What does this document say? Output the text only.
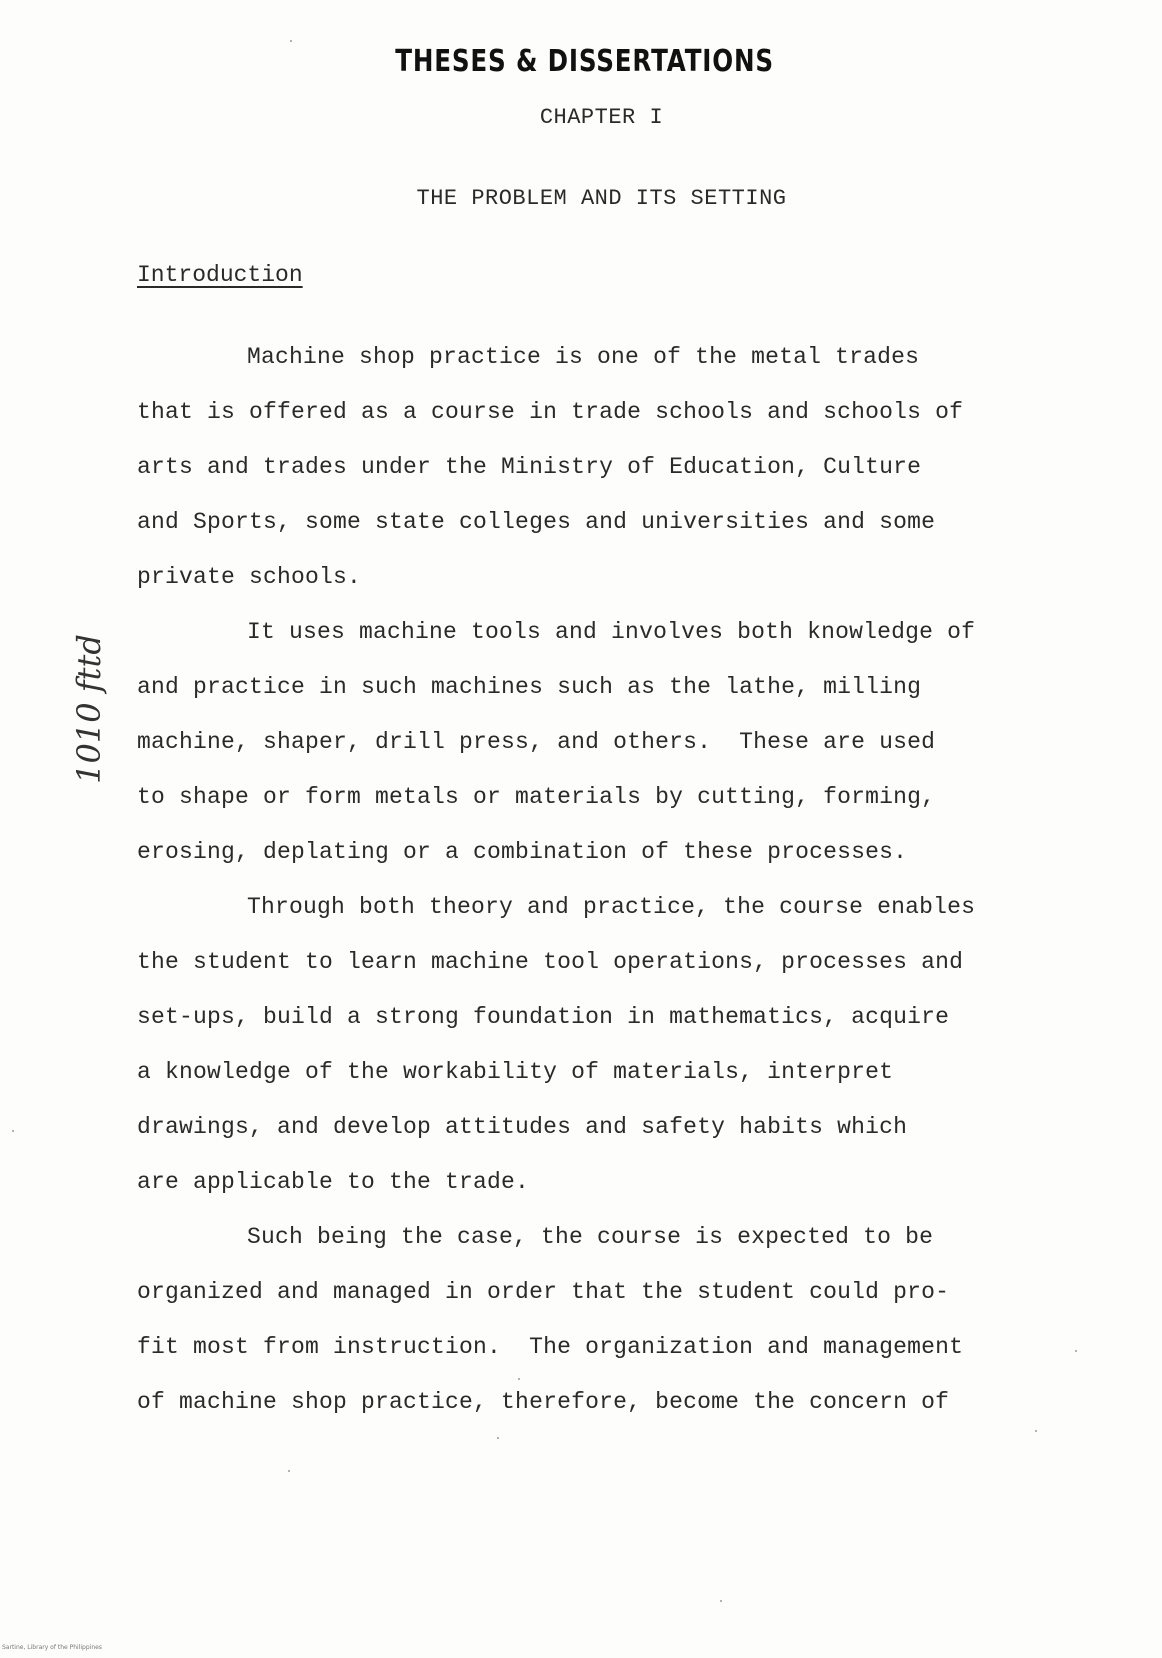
THESES & DISSERTATIONS
CHAPTER I
THE PROBLEM AND ITS SETTING
Introduction
Machine shop practice is one of the metal trades
that is offered as a course in trade schools and schools of
arts and trades under the Ministry of Education, Culture
and Sports, some state colleges and universities and some
private schools.
It uses machine tools and involves both knowledge of
and practice in such machines such as the lathe, milling
machine, shaper, drill press, and others.  These are used
to shape or form metals or materials by cutting, forming,
erosing, deplating or a combination of these processes.
Through both theory and practice, the course enables
the student to learn machine tool operations, processes and
set-ups, build a strong foundation in mathematics, acquire
a knowledge of the workability of materials, interpret
drawings, and develop attitudes and safety habits which
are applicable to the trade.
Such being the case, the course is expected to be
organized and managed in order that the student could pro-
fit most from instruction.  The organization and management
of machine shop practice, therefore, become the concern of
1010 fttd
Sartine, Library of the Philippines
